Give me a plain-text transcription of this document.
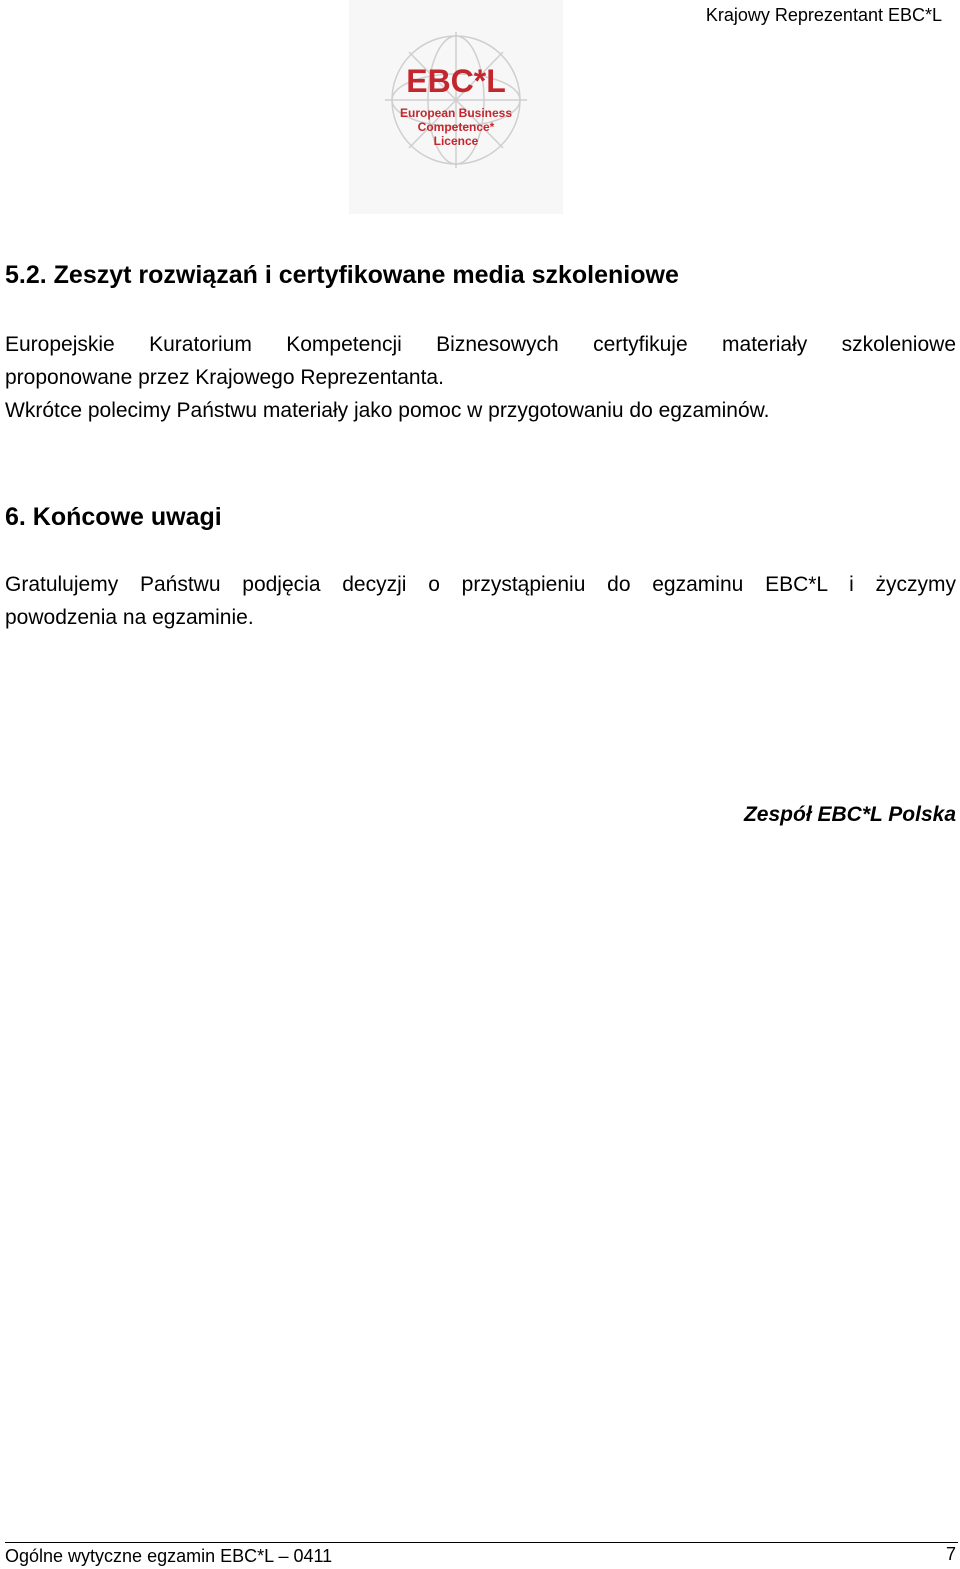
Krajowy Reprezentant EBC*L
EBC*L
European Business
Competence*
Licence
5.2. Zeszyt rozwiązań i certyfikowane media szkoleniowe
Europejskie Kuratorium Kompetencji Biznesowych certyfikuje materiały szkoleniowe
proponowane przez Krajowego Reprezentanta.
Wkrótce polecimy Państwu materiały jako pomoc w przygotowaniu do egzaminów.
6. Końcowe uwagi
Gratulujemy Państwu podjęcia decyzji o przystąpieniu do egzaminu EBC*L i życzymy
powodzenia na egzaminie.
Zespół EBC*L Polska
Ogólne wytyczne egzamin EBC*L – 0411	7
